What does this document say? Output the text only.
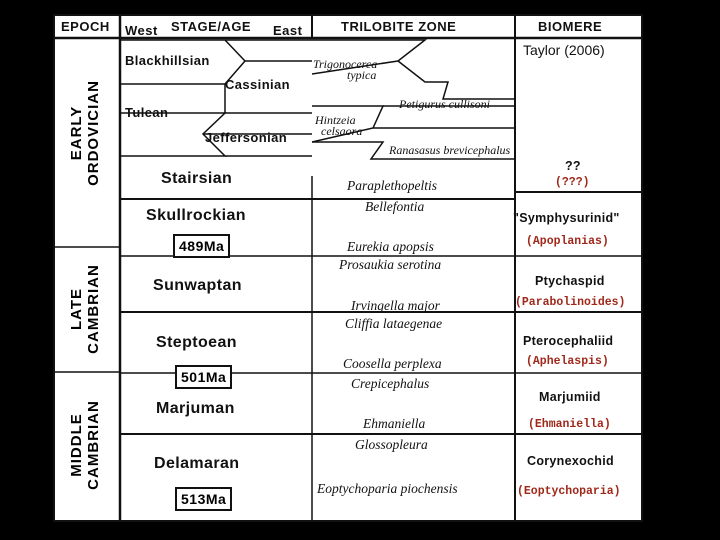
EPOCH West STAGE/AGE East	TRILOBITE ZONE	BIOMERE
Taylor (2006)
EARLY ORDOVICIAN
LATE CAMBRIAN
MIDDLE CAMBRIAN
Blackhillsian
Cassinian
Tulean
Jeffersonian
Stairsian
Skullrockian
Sunwaptan
Steptoean
Marjuman
Delamaran
489Ma
501Ma
513Ma
Trigonocerca
typica
Petigurus cullisoni
Hintzeia
celsaora
Ranasasus brevicephalus
Paraplethopeltis
Bellefontia
Eurekia apopsis
Prosaukia serotina
Irvingella major
Cliffia lataegenae
Coosella perplexa
Crepicephalus
Ehmaniella
Glossopleura
Eoptychoparia piochensis
??
(???)
"Symphysurinid"
(Apoplanias)
Ptychaspid
(Parabolinoides)
Pterocephaliid
(Aphelaspis)
Marjumiid
(Ehmaniella)
Corynexochid
(Eoptychoparia)
